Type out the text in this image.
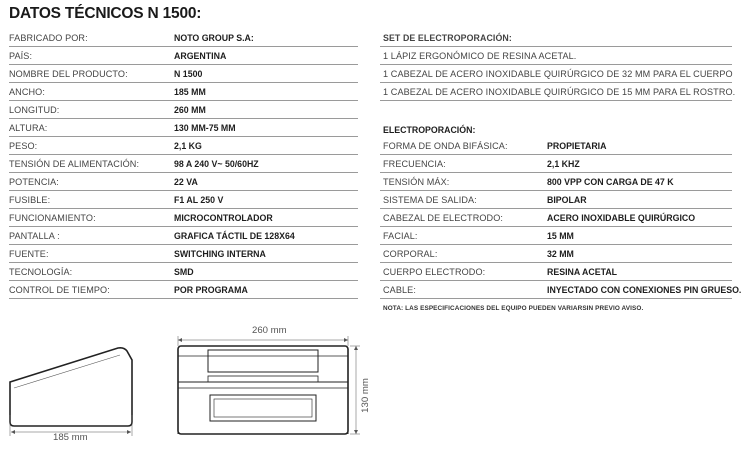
DATOS TÉCNICOS N 1500:
FABRICADO POR:	NOTO GROUP S.A:
PAÍS:	ARGENTINA
NOMBRE DEL PRODUCTO:	N 1500
ANCHO:	185 MM
LONGITUD:	260 MM
ALTURA:	130 MM-75 MM
PESO:	2,1 KG
TENSIÓN DE ALIMENTACIÓN:	98 A 240 V~ 50/60HZ
POTENCIA:	22 VA
FUSIBLE:	F1 AL 250 V
FUNCIONAMIENTO:	MICROCONTROLADOR
PANTALLA :	GRAFICA TÁCTIL DE 128X64
FUENTE:	SWITCHING INTERNA
TECNOLOGÍA:	SMD
CONTROL DE TIEMPO:	POR PROGRAMA
SET DE ELECTROPORACIÓN:
1 LÁPIZ ERGONÓMICO DE RESINA ACETAL.
1 CABEZAL DE ACERO INOXIDABLE QUIRÚRGICO DE 32 MM PARA EL CUERPO
1 CABEZAL DE ACERO INOXIDABLE QUIRÚRGICO DE 15 MM PARA EL ROSTRO.

ELECTROPORACIÓN:

FORMA DE ONDA BIFÁSICA:	PROPIETARIA
FRECUENCIA:	2,1 KHZ
TENSIÓN MÁX:	800 VPP CON CARGA DE 47 K
SISTEMA DE SALIDA:	BIPOLAR
CABEZAL DE ELECTRODO:	ACERO INOXIDABLE QUIRÚRGICO
FACIAL:	15 MM
CORPORAL:	32 MM
CUERPO ELECTRODO:	RESINA ACETAL
CABLE:	INYECTADO CON CONEXIONES PIN GRUESO.

NOTA: LAS ESPECIFICACIONES DEL EQUIPO PUEDEN VARIARSIN PREVIO AVISO.

185 mm
260 mm
130 mm
